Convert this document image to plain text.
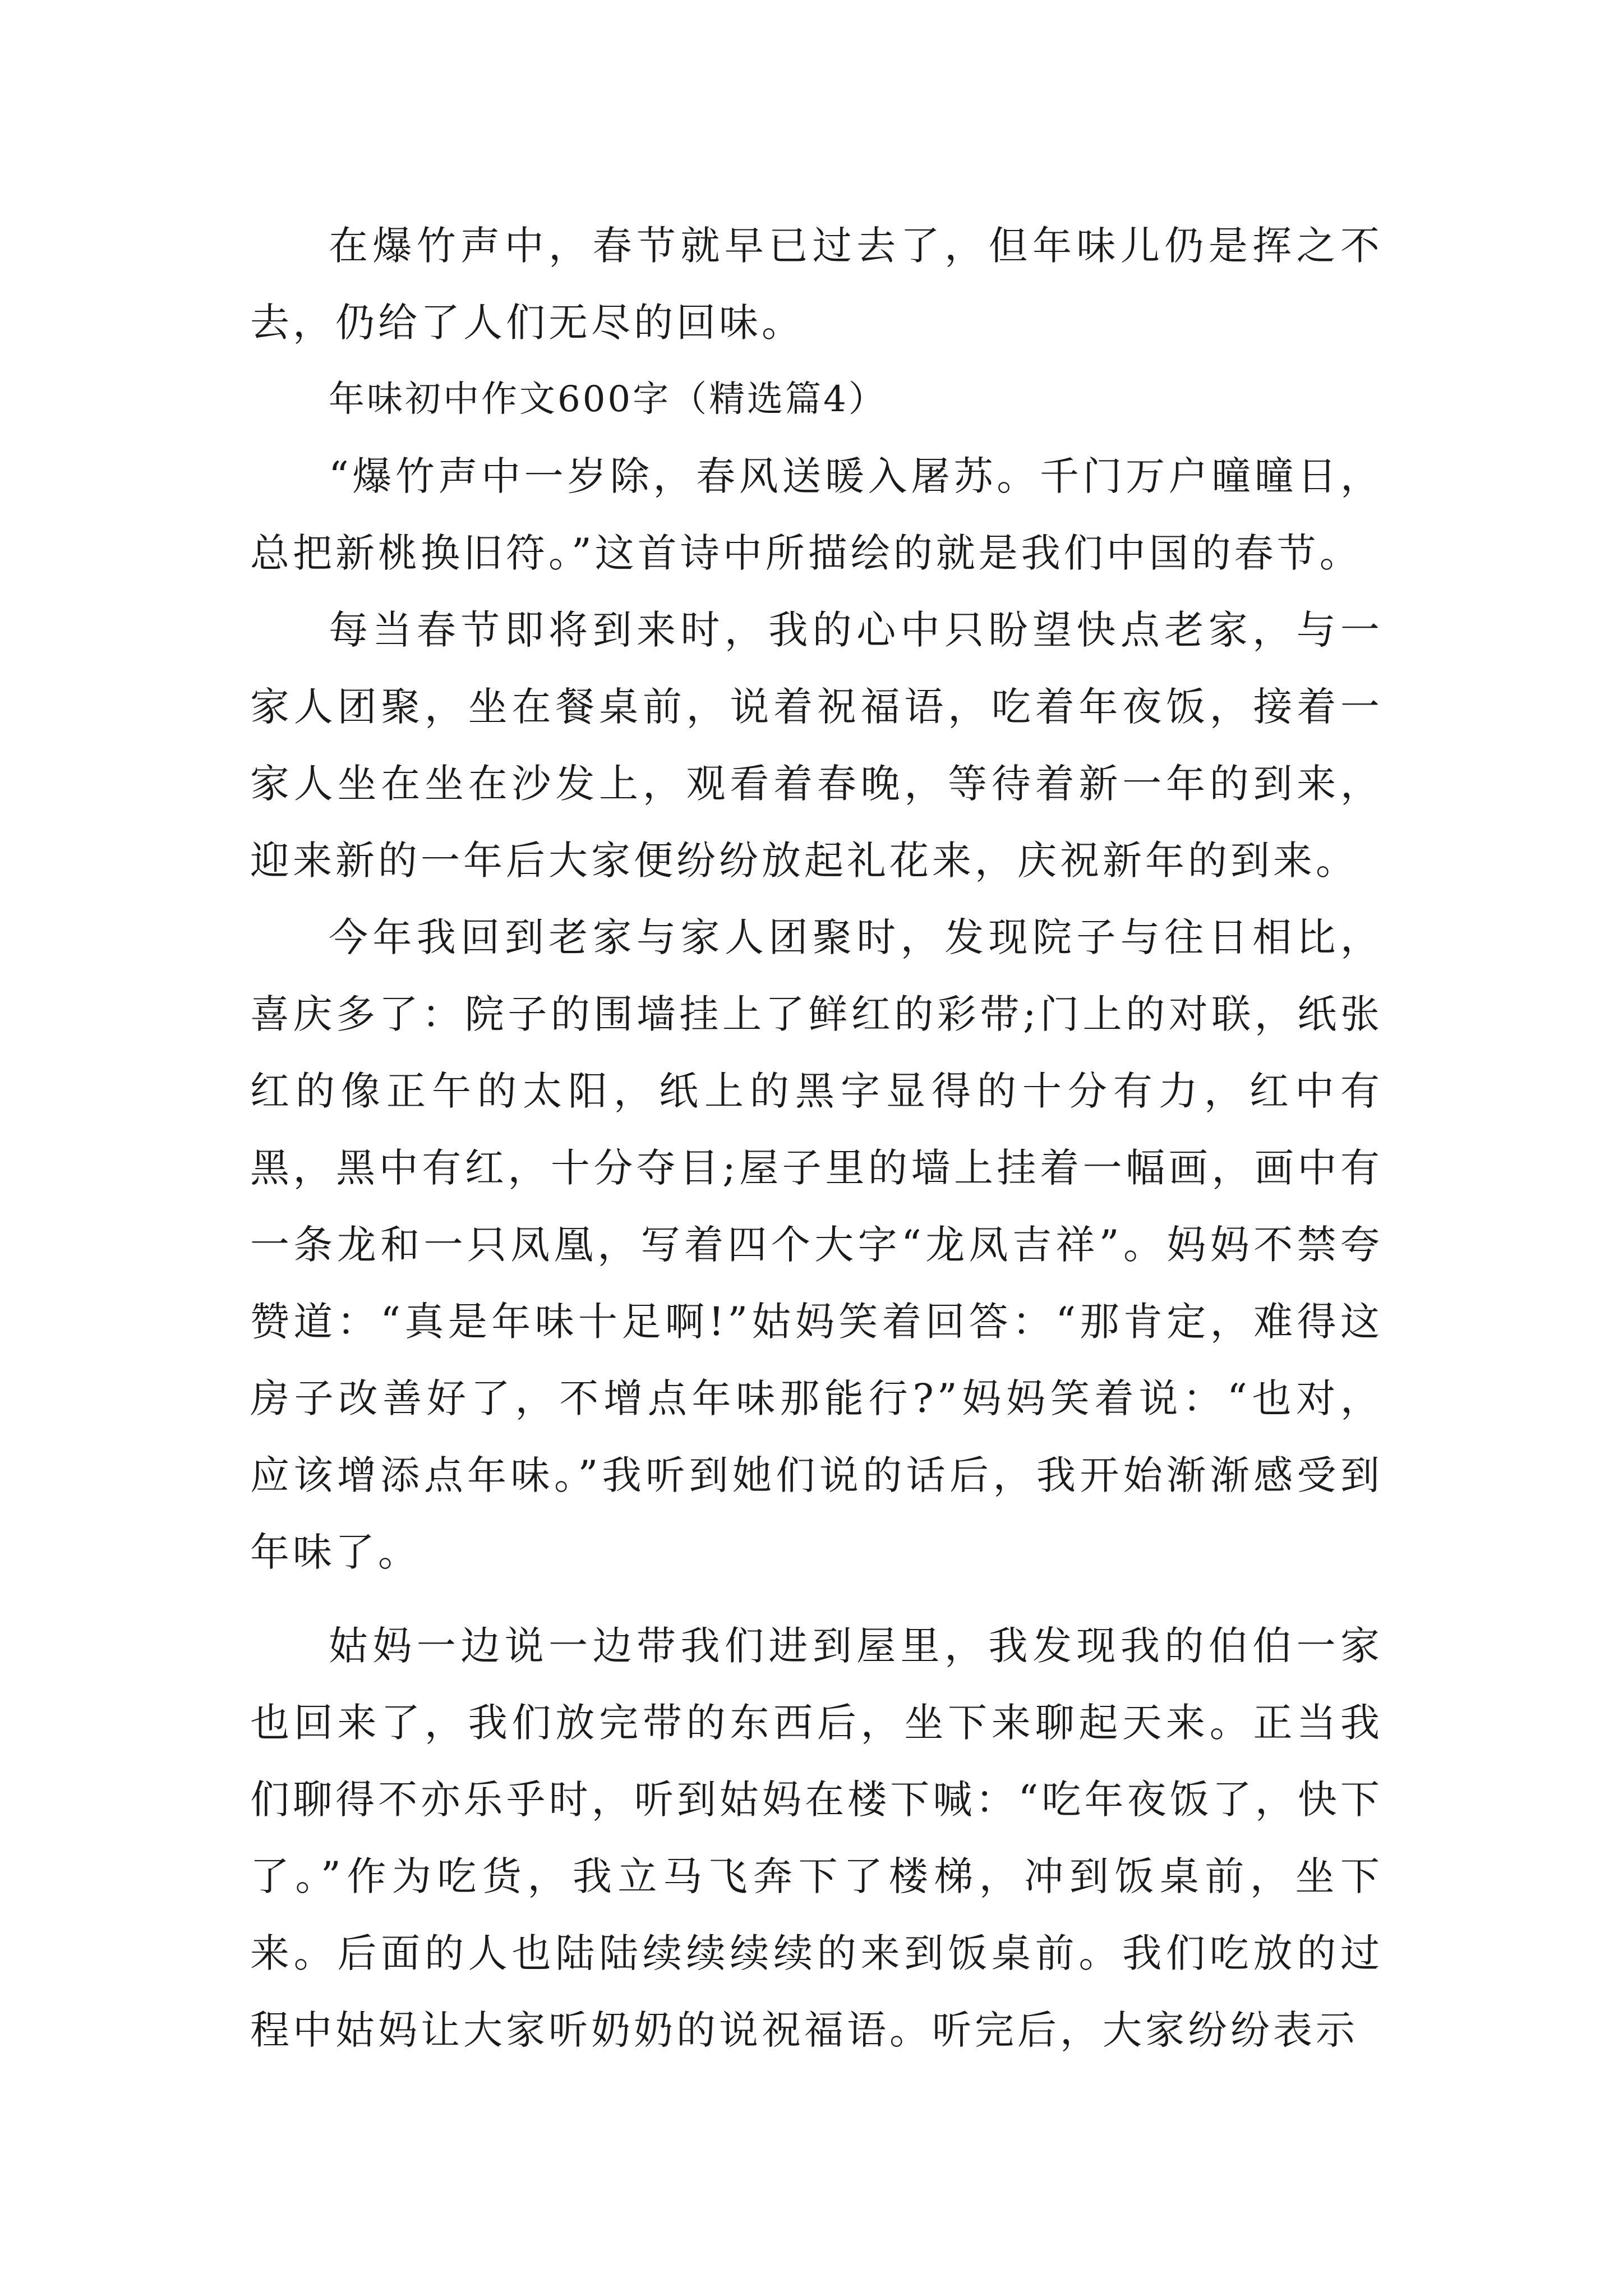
在爆竹声中，春节就早已过去了，但年味儿仍是挥之不去，仍给了人们无尽的回味。

年味初中作文600字（精选篇4）

“爆竹声中一岁除，春风送暖入屠苏。千门万户曈曈日，总把新桃换旧符。”这首诗中所描绘的就是我们中国的春节。

每当春节即将到来时，我的心中只盼望快点老家，与一家人团聚，坐在餐桌前，说着祝福语，吃着年夜饭，接着一家人坐在坐在沙发上，观看着春晚，等待着新一年的到来，迎来新的一年后大家便纷纷放起礼花来，庆祝新年的到来。

今年我回到老家与家人团聚时，发现院子与往日相比，喜庆多了：院子的围墙挂上了鲜红的彩带;门上的对联，纸张红的像正午的太阳，纸上的黑字显得的十分有力，红中有黑，黑中有红，十分夺目;屋子里的墙上挂着一幅画，画中有一条龙和一只凤凰，写着四个大字“龙凤吉祥”。妈妈不禁夸赞道：“真是年味十足啊!”姑妈笑着回答：“那肯定，难得这房子改善好了，不增点年味那能行?”妈妈笑着说：“也对，应该增添点年味。”我听到她们说的话后，我开始渐渐感受到年味了。

姑妈一边说一边带我们进到屋里，我发现我的伯伯一家也回来了，我们放完带的东西后，坐下来聊起天来。正当我们聊得不亦乐乎时，听到姑妈在楼下喊：“吃年夜饭了，快下了。”作为吃货，我立马飞奔下了楼梯，冲到饭桌前，坐下来。后面的人也陆陆续续续续的来到饭桌前。我们吃放的过程中姑妈让大家听奶奶的说祝福语。听完后，大家纷纷表示
